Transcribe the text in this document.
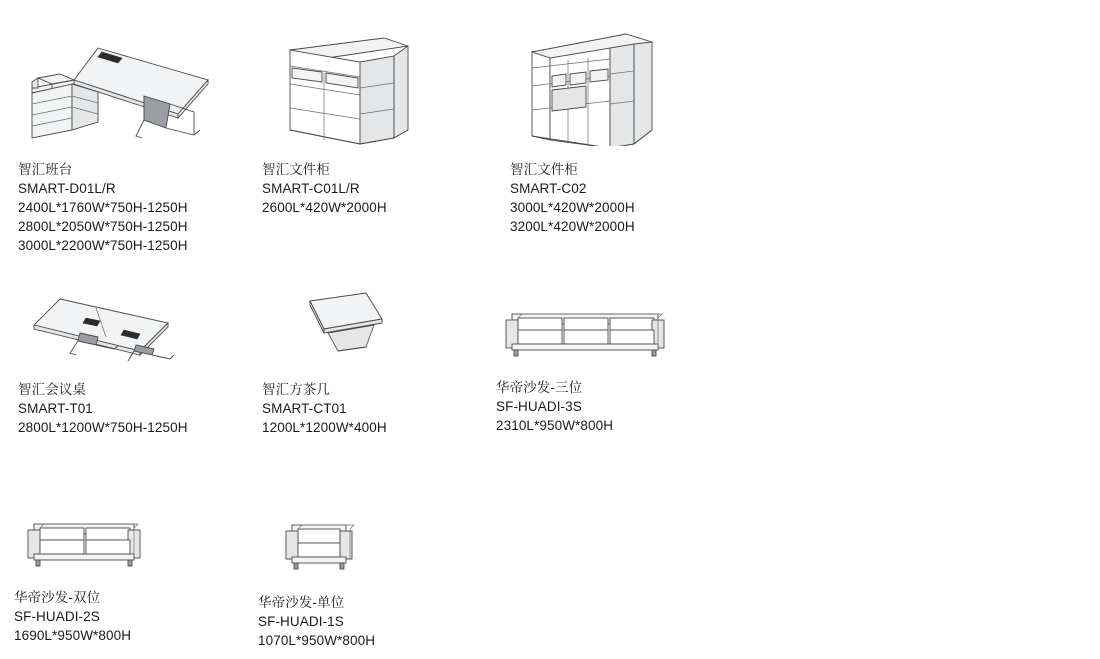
智汇班台
SMART-D01L/R
2400L*1760W*750H-1250H
2800L*2050W*750H-1250H
3000L*2200W*750H-1250H
智汇文件柜
SMART-C01L/R
2600L*420W*2000H
智汇文件柜
SMART-C02
3000L*420W*2000H
3200L*420W*2000H
智汇会议桌
SMART-T01
2800L*1200W*750H-1250H
智汇方茶几
SMART-CT01
1200L*1200W*400H
华帝沙发-三位
SF-HUADI-3S
2310L*950W*800H
华帝沙发-双位
SF-HUADI-2S
1690L*950W*800H
华帝沙发-单位
SF-HUADI-1S
1070L*950W*800H
